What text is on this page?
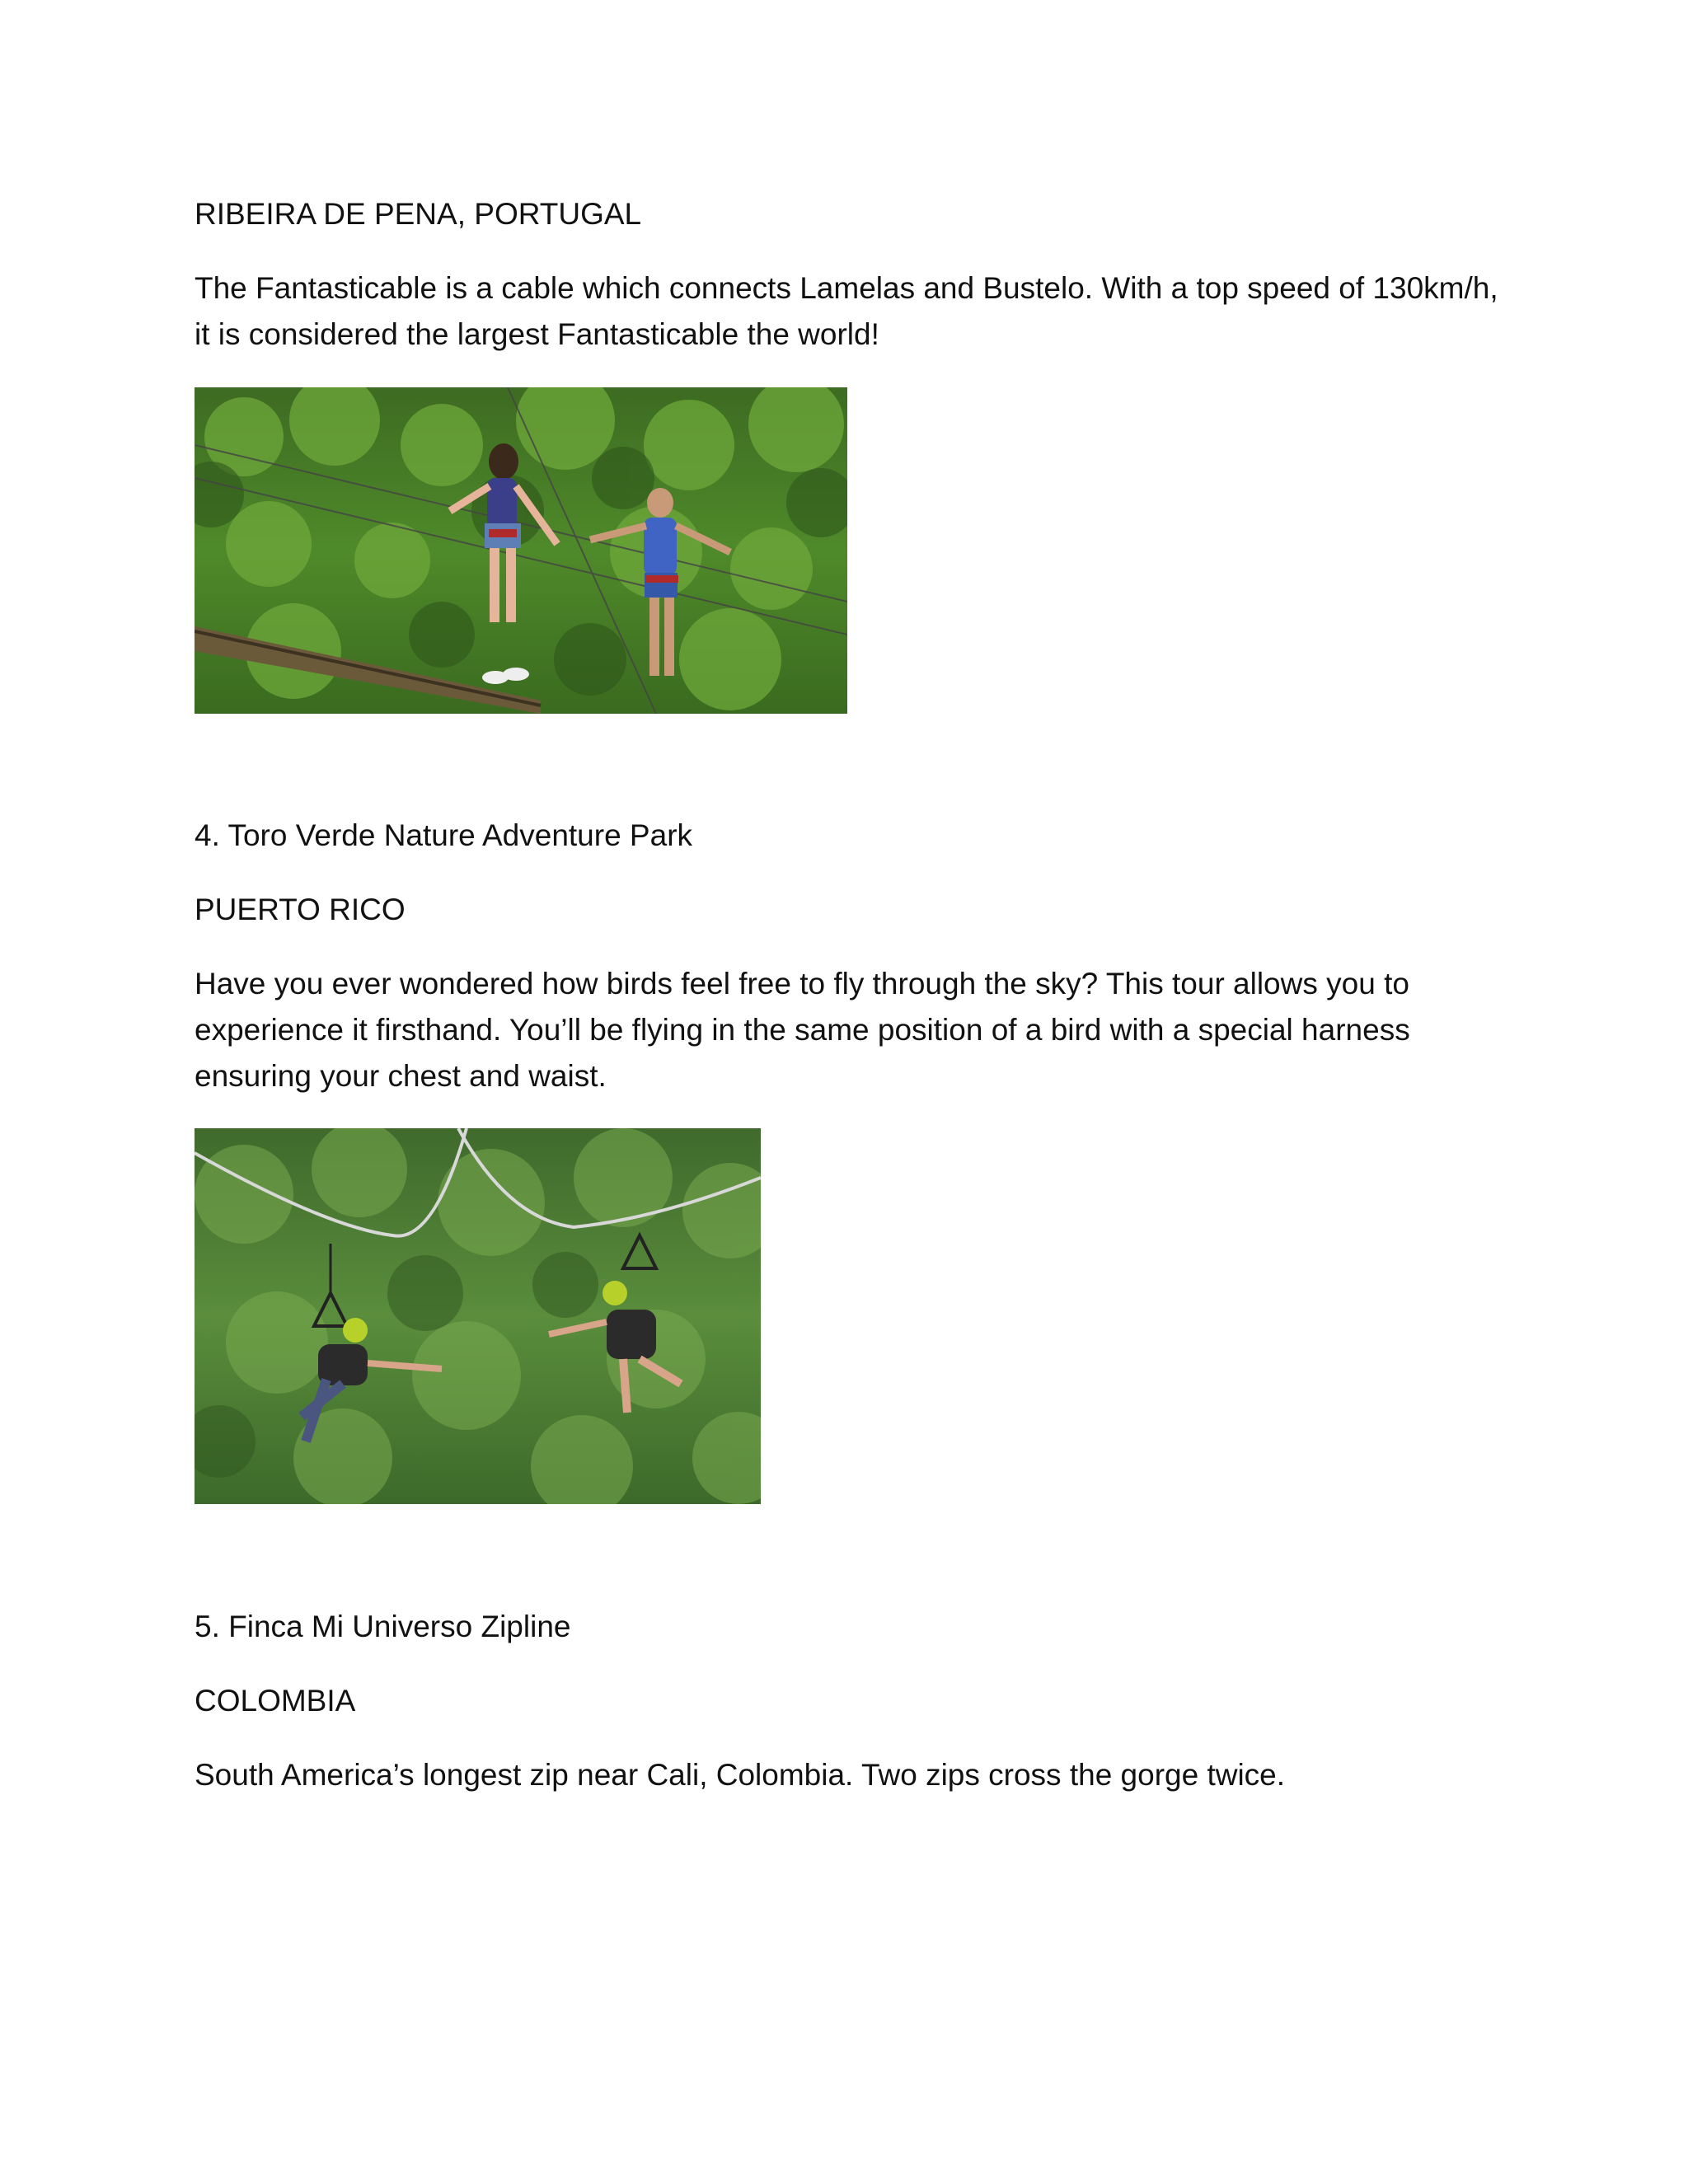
RIBEIRA DE PENA, PORTUGAL

The Fantasticable is a cable which connects Lamelas and Bustelo. With a top speed of 130km/h,

it is considered the largest Fantasticable the world!

4. Toro Verde Nature Adventure Park

PUERTO RICO

Have you ever wondered how birds feel free to fly through the sky? This tour allows you to

experience it firsthand. You’ll be flying in the same position of a bird with a special harness

ensuring your chest and waist.

5. Finca Mi Universo Zipline

COLOMBIA

South America’s longest zip near Cali, Colombia. Two zips cross the gorge twice.
